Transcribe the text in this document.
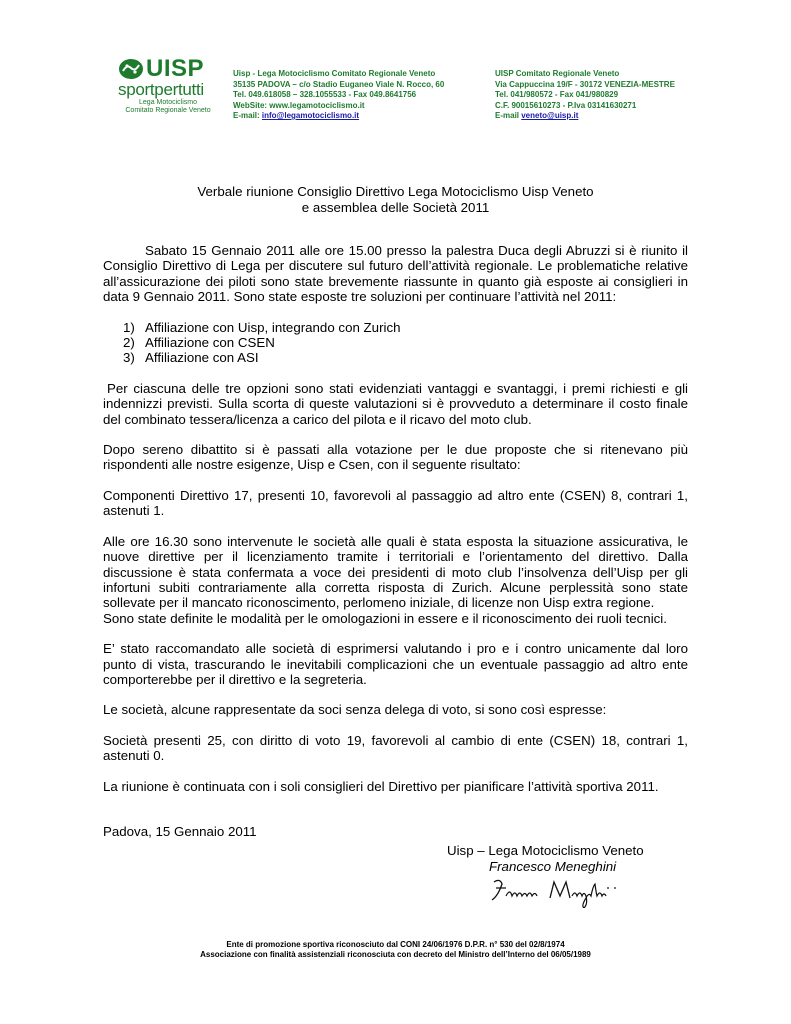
UISP
sportpertutti
Lega Motociclismo
Comitato Regionale Veneto
Uisp - Lega Motociclismo Comitato Regionale Veneto
35135 PADOVA – c/o Stadio Euganeo Viale N. Rocco, 60
Tel. 049.618058 – 328.1055533 - Fax 049.8641756
WebSite: www.legamotociclismo.it
E-mail: info@legamotociclismo.it
UISP Comitato Regionale Veneto
Via Cappuccina 19/F - 30172 VENEZIA-MESTRE
Tel. 041/980572 - Fax 041/980829
C.F. 90015610273 - P.Iva 03141630271
E-mail veneto@uisp.it
Verbale riunione Consiglio Direttivo Lega Motociclismo Uisp Veneto
e assemblea delle Società 2011

Sabato 15 Gennaio 2011 alle ore 15.00 presso la palestra Duca degli Abruzzi si è riunito il Consiglio Direttivo di Lega per discutere sul futuro dell’attività regionale. Le problematiche relative all’assicurazione dei piloti sono state brevemente riassunte in quanto già esposte ai consiglieri in data 9 Gennaio 2011. Sono state esposte tre soluzioni per continuare l’attività nel 2011:

1) Affiliazione con Uisp, integrando con Zurich
2) Affiliazione con CSEN
3) Affiliazione con ASI

Per ciascuna delle tre opzioni sono stati evidenziati vantaggi e svantaggi, i premi richiesti e gli indennizzi previsti. Sulla scorta di queste valutazioni si è provveduto a determinare il costo finale del combinato tessera/licenza a carico del pilota e il ricavo del moto club.

Dopo sereno dibattito si è passati alla votazione per le due proposte che si ritenevano più rispondenti alle nostre esigenze, Uisp e Csen, con il seguente risultato:

Componenti Direttivo 17, presenti 10, favorevoli al passaggio ad altro ente (CSEN) 8, contrari 1, astenuti 1.

Alle ore 16.30 sono intervenute le società alle quali è stata esposta la situazione assicurativa, le nuove direttive per il licenziamento tramite i territoriali e l’orientamento del direttivo. Dalla discussione è stata confermata a voce dei presidenti di moto club l’insolvenza dell’Uisp per gli infortuni subiti contrariamente alla corretta risposta di Zurich. Alcune perplessità sono state sollevate per il mancato riconoscimento, perlomeno iniziale, di licenze non Uisp extra regione.

Sono state definite le modalità per le omologazioni in essere e il riconoscimento dei ruoli tecnici.

E’ stato raccomandato alle società di esprimersi valutando i pro e i contro unicamente dal loro punto di vista, trascurando le inevitabili complicazioni che un eventuale passaggio ad altro ente comporterebbe per il direttivo e la segreteria.

Le società, alcune rappresentate da soci senza delega di voto, si sono così espresse:

Società presenti 25, con diritto di voto 19, favorevoli al cambio di ente (CSEN) 18, contrari 1, astenuti 0.

La riunione è continuata con i soli consiglieri del Direttivo per pianificare l’attività sportiva 2011.

Padova, 15 Gennaio 2011

Uisp – Lega Motociclismo Veneto
Francesco Meneghini
Ente di promozione sportiva riconosciuto dal CONI 24/06/1976 D.P.R. n° 530 del 02/8/1974
Associazione con finalità assistenziali riconosciuta con decreto del Ministro dell’Interno del 06/05/1989
